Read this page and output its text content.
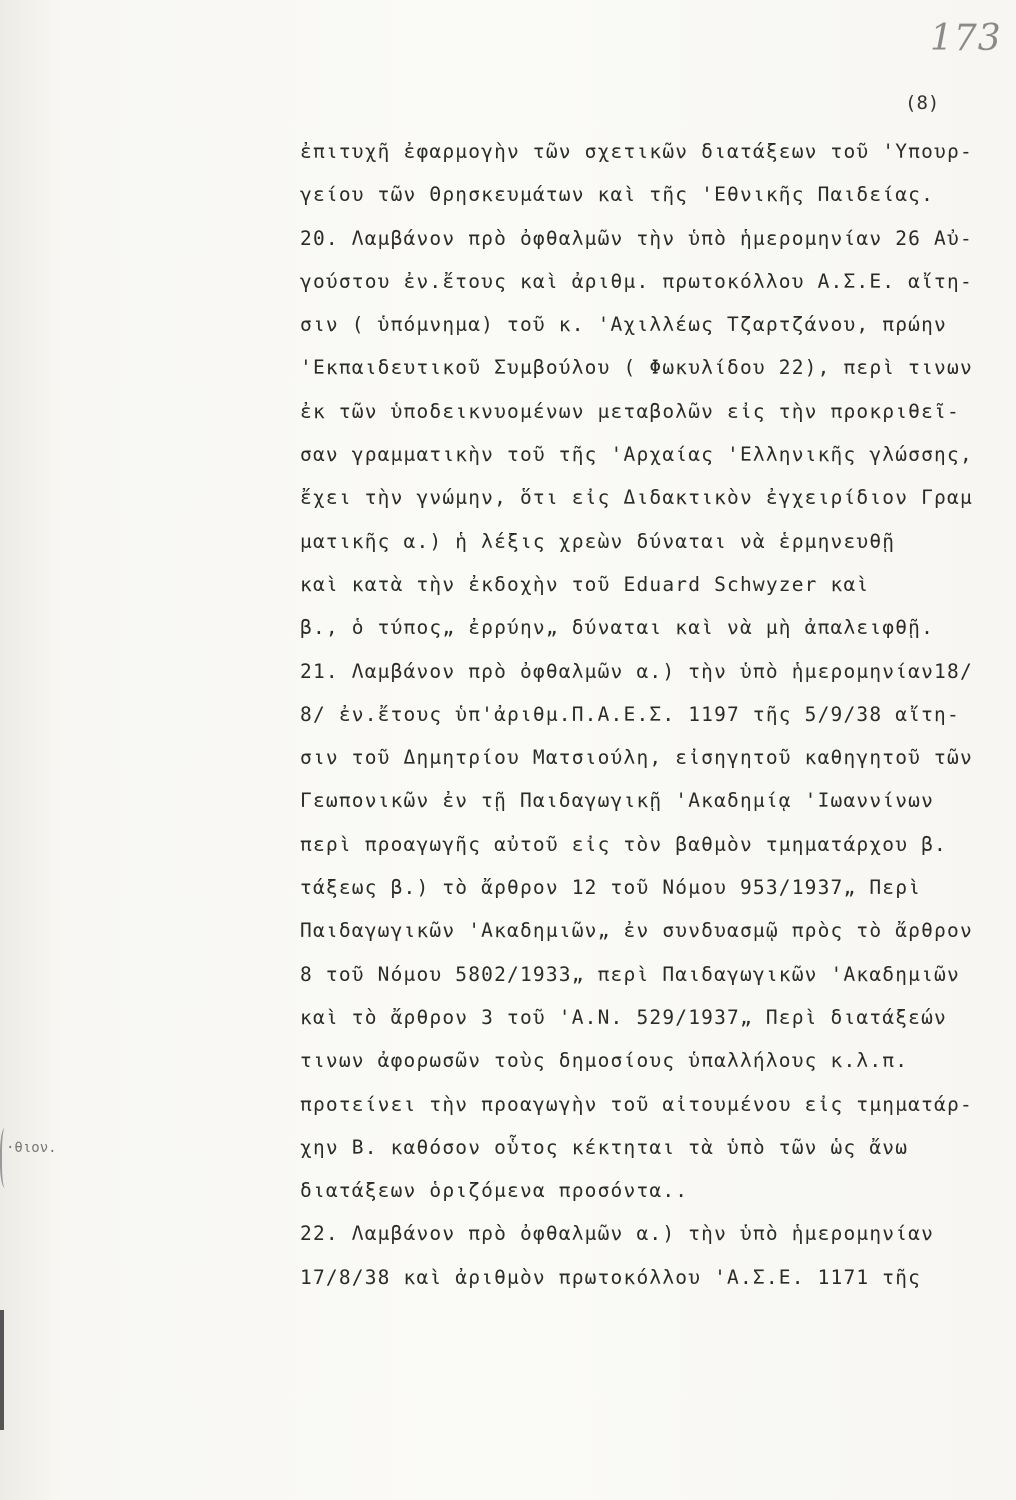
173
(8)
ἐπιτυχῆ ἐφαρμογὴν τῶν σχετικῶν διατάξεων τοῦ 'Υπουρ-
γείου τῶν Θρησκευμάτων καὶ τῆς 'Εθνικῆς Παιδείας.
20. Λαμβάνον πρὸ ὀφθαλμῶν τὴν ὑπὸ ἡμερομηνίαν 26 Αὐ-
γούστου ἐν.ἔτους καὶ ἀριθμ. πρωτοκόλλου Α.Σ.Ε. αἴτη-
σιν ( ὑπόμνημα) τοῦ κ. 'Αχιλλέως Τζαρτζάνου, πρώην
'Εκπαιδευτικοῦ Συμβούλου ( Φωκυλίδου 22), περὶ τινων
ἐκ τῶν ὑποδεικνυομένων μεταβολῶν εἰς τὴν προκριθεῖ-
σαν γραμματικὴν τοῦ τῆς 'Αρχαίας 'Ελληνικῆς γλώσσης,
ἔχει τὴν γνώμην, ὅτι εἰς Διδακτικὸν ἐγχειρίδιον Γραμ
ματικῆς α.) ἡ λέξις χρεὼν δύναται νὰ ἑρμηνευθῇ
καὶ κατὰ τὴν ἐκδοχὴν τοῦ Eduard Schwyzer καὶ
β., ὁ τύπος„ ἐρρύην„ δύναται καὶ νὰ μὴ ἀπαλειφθῇ.
21. Λαμβάνον πρὸ ὀφθαλμῶν α.) τὴν ὑπὸ ἡμερομηνίαν18/
8/ ἐν.ἔτους ὑπ'ἀριθμ.Π.Α.Ε.Σ. 1197 τῆς 5/9/38 αἴτη-
σιν τοῦ Δημητρίου Ματσιούλη, εἰσηγητοῦ καθηγητοῦ τῶν
Γεωπονικῶν ἐν τῇ Παιδαγωγικῇ 'Ακαδημίᾳ 'Ιωαννίνων
περὶ προαγωγῆς αὐτοῦ εἰς τὸν βαθμὸν τμηματάρχου β.
τάξεως β.) τὸ ἄρθρον 12 τοῦ Νόμου 953/1937„ Περὶ
Παιδαγωγικῶν 'Ακαδημιῶν„ ἐν συνδυασμῷ πρὸς τὸ ἄρθρον
8 τοῦ Νόμου 5802/1933„ περὶ Παιδαγωγικῶν 'Ακαδημιῶν
καὶ τὸ ἄρθρον 3 τοῦ 'Α.Ν. 529/1937„ Περὶ διατάξεών
τινων ἀφορωσῶν τοὺς δημοσίους ὑπαλλήλους κ.λ.π.
προτείνει τὴν προαγωγὴν τοῦ αἰτουμένου εἰς τμηματάρ-
χην Β. καθόσον οὗτος κέκτηται τὰ ὑπὸ τῶν ὡς ἄνω
διατάξεων ὁριζόμενα προσόντα..
22. Λαμβάνον πρὸ ὀφθαλμῶν α.) τὴν ὑπὸ ἡμερομηνίαν
17/8/38 καὶ ἀριθμὸν πρωτοκόλλου 'Α.Σ.Ε. 1171 τῆς
·θιον.
